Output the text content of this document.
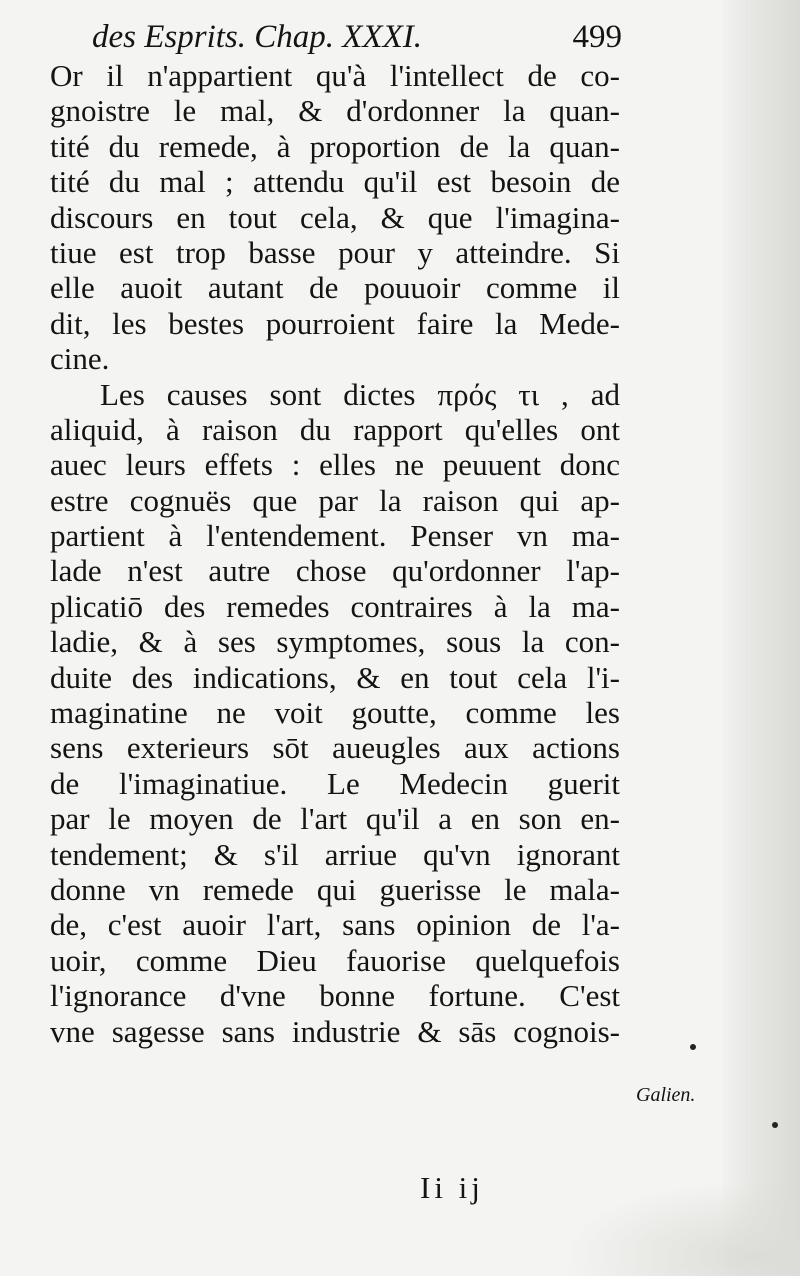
des Esprits. Chap. XXXI.	499
Or il n'appartient qu'à l'intellect de co-
gnoistre le mal, & d'ordonner la quan-
tité du remede, à proportion de la quan-
tité du mal ; attendu qu'il est besoin de
discours en tout cela, & que l'imagina-
tiue est trop basse pour y atteindre. Si
elle auoit autant de pouuoir comme il
dit, les bestes pourroient faire la Mede-
cine.
Les causes sont dictes πρός τι , ad
aliquid, à raison du rapport qu'elles ont
auec leurs effets : elles ne peuuent donc
estre cognuës que par la raison qui ap-
partient à l'entendement. Penser vn ma-
lade n'est autre chose qu'ordonner l'ap-
plicatiō des remedes contraires à la ma-
ladie, & à ses symptomes, sous la con-
duite des indications, & en tout cela l'i-
maginatine ne voit goutte, comme les
sens exterieurs sōt aueugles aux actions
de l'imaginatiue. Le Medecin guerit
par le moyen de l'art qu'il a en son en-
tendement; & s'il arriue qu'vn ignorant
donne vn remede qui guerisse le mala-
de, c'est auoir l'art, sans opinion de l'a-
uoir, comme Dieu fauorise quelquefois
l'ignorance d'vne bonne fortune. C'est
vne sagesse sans industrie & sās cognois-
Galien.
Ii ij
